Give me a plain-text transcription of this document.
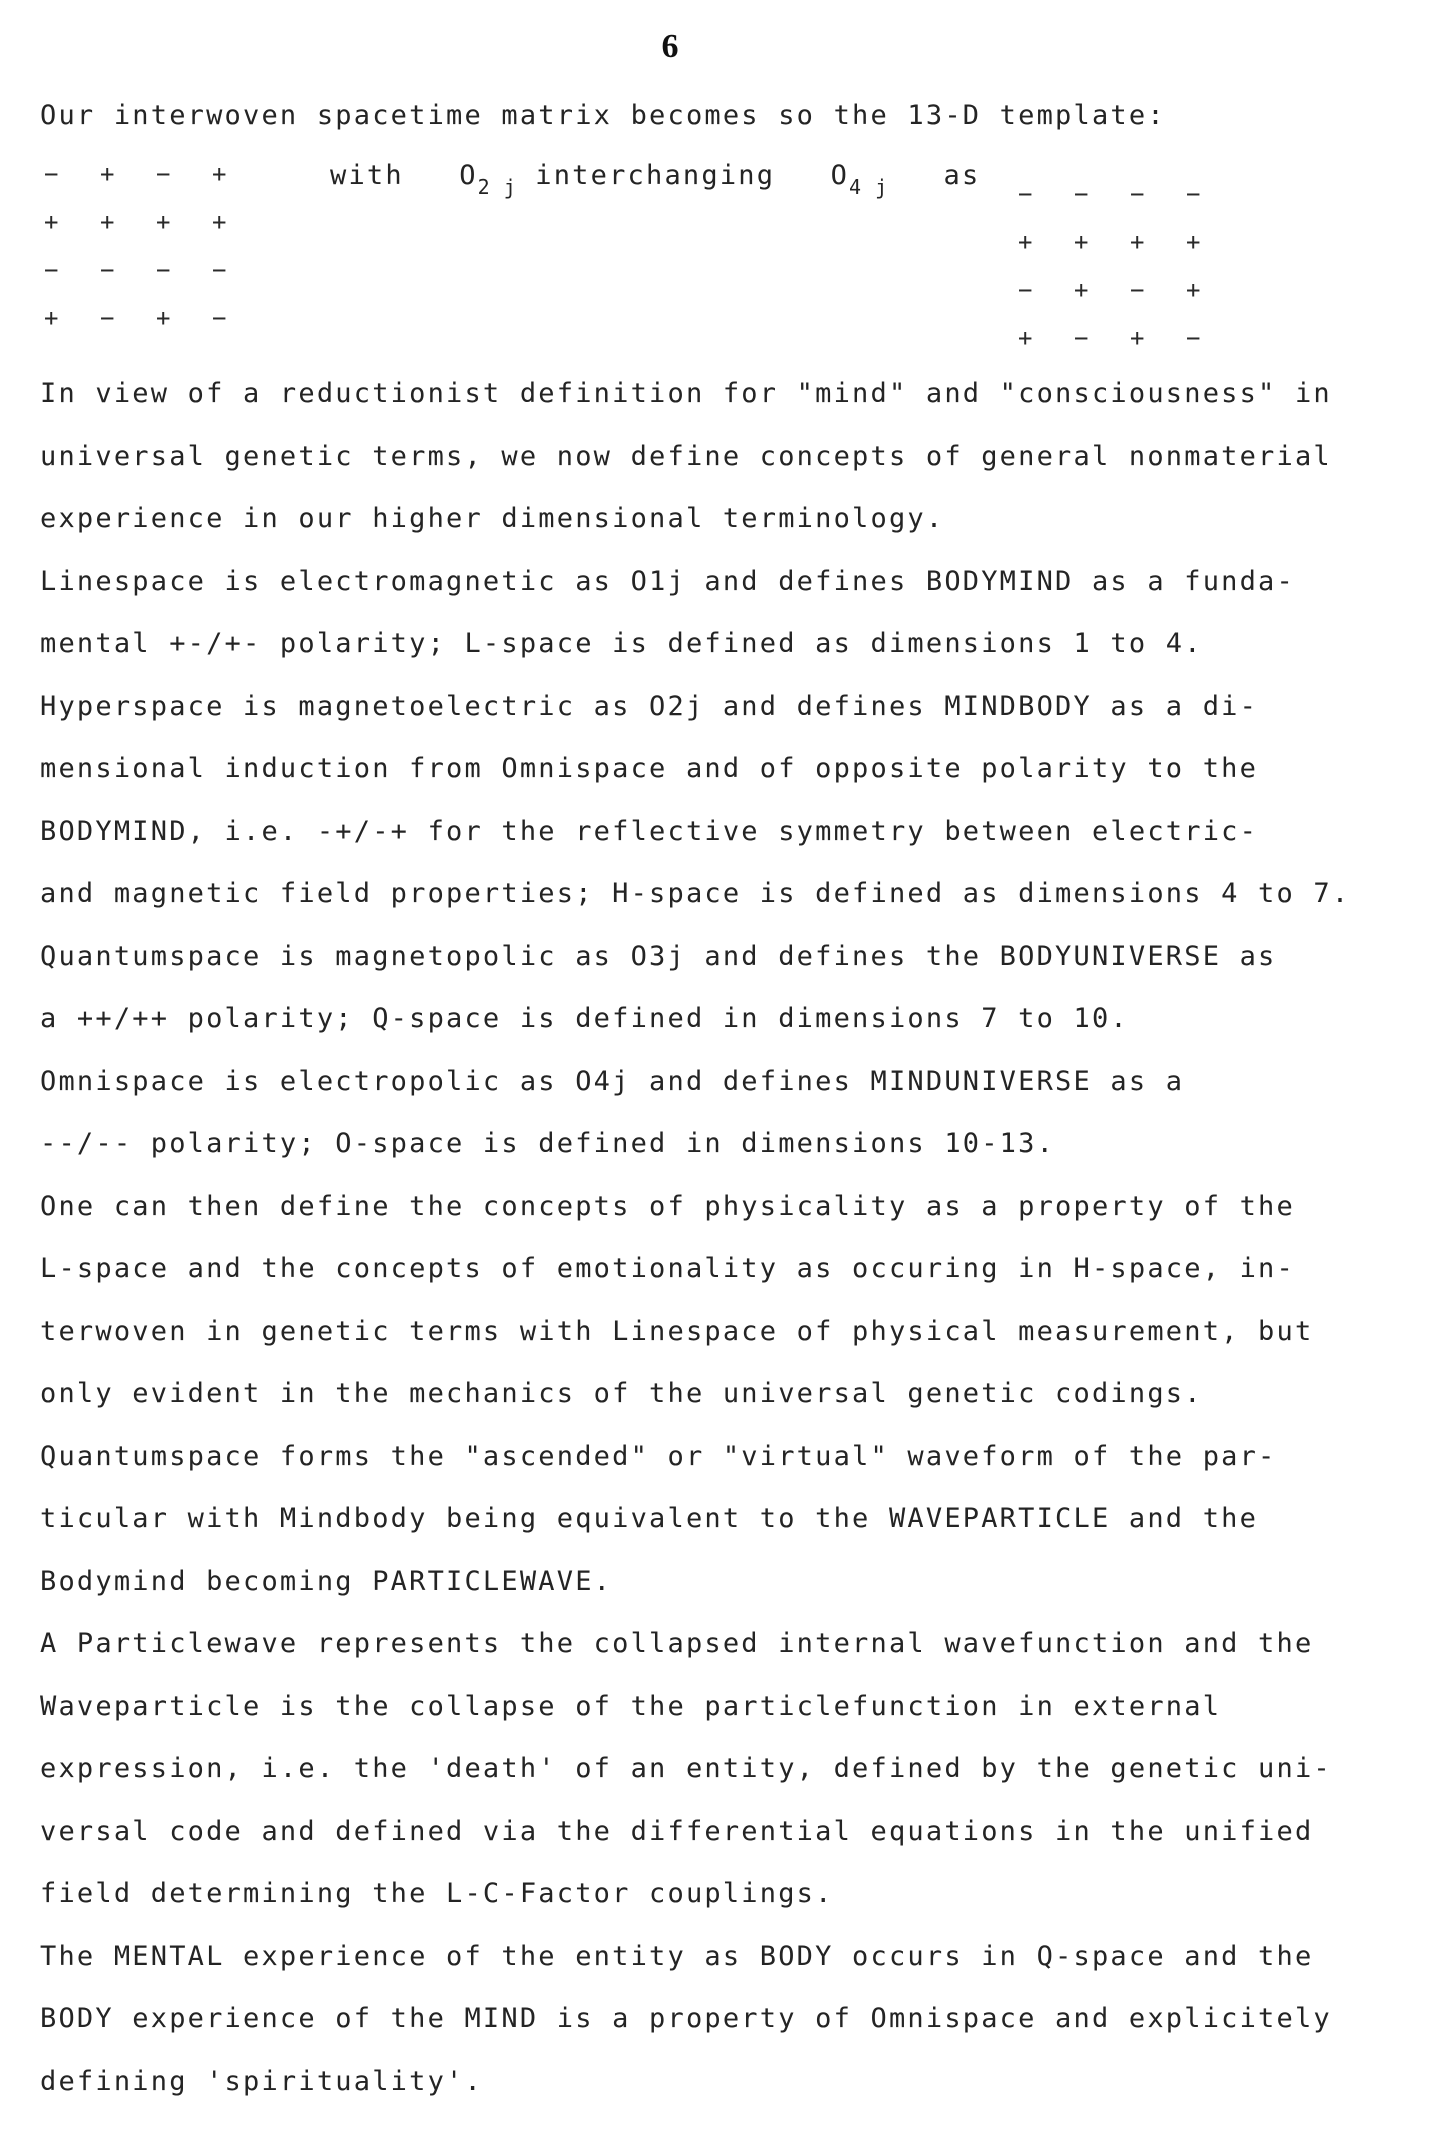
6
Our interwoven spacetime matrix becomes so the 13-D template:
−	+	−	+
+	+	+	+
−	−	−	−
+	−	+	−
with $O_{2 j}$ interchanging $O_{4 j}$ as
−	−	−	−
+	+	+	+
−	+	−	+
+	−	+	−
In view of a reductionist definition for "mind" and "consciousness" in
universal genetic terms, we now define concepts of general nonmaterial
experience in our higher dimensional terminology.
Linespace is electromagnetic as O1j and defines BODYMIND as a funda-
mental +-/+- polarity; L-space is defined as dimensions 1 to 4.
Hyperspace is magnetoelectric as O2j and defines MINDBODY as a di-
mensional induction from Omnispace and of opposite polarity to the
BODYMIND, i.e. -+/-+ for the reflective symmetry between electric-
and magnetic field properties; H-space is defined as dimensions 4 to 7.
Quantumspace is magnetopolic as O3j and defines the BODYUNIVERSE as
a ++/++ polarity; Q-space is defined in dimensions 7 to 10.
Omnispace is electropolic as O4j and defines MINDUNIVERSE as a
--/-- polarity; O-space is defined in dimensions 10-13.
One can then define the concepts of physicality as a property of the
L-space and the concepts of emotionality as occuring in H-space, in-
terwoven in genetic terms with Linespace of physical measurement, but
only evident in the mechanics of the universal genetic codings.
Quantumspace forms the "ascended" or "virtual" waveform of the par-
ticular with Mindbody being equivalent to the WAVEPARTICLE and the
Bodymind becoming PARTICLEWAVE.
A Particlewave represents the collapsed internal wavefunction and the
Waveparticle is the collapse of the particlefunction in external
expression, i.e. the 'death' of an entity, defined by the genetic uni-
versal code and defined via the differential equations in the unified
field determining the L-C-Factor couplings.
The MENTAL experience of the entity as BODY occurs in Q-space and the
BODY experience of the MIND is a property of Omnispace and explicitely
defining 'spirituality'.
